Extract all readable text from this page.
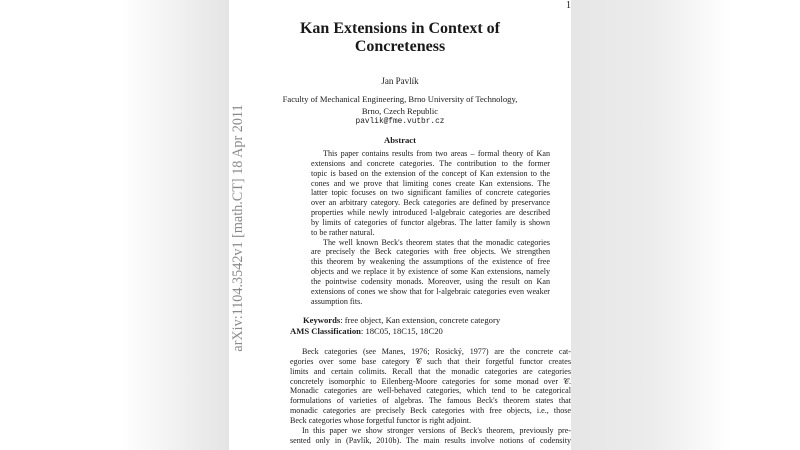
1
Kan Extensions in Context of
Concreteness
Jan Pavlík
Faculty of Mechanical Engineering, Brno University of Technology,
Brno, Czech Republic
pavlik@fme.vutbr.cz
Abstract
This paper contains results from two areas – formal theory of Kan
extensions and concrete categories. The contribution to the former
topic is based on the extension of the concept of Kan extension to the
cones and we prove that limiting cones create Kan extensions. The
latter topic focuses on two significant families of concrete categories
over an arbitrary category. Beck categories are defined by preservance
properties while newly introduced l-algebraic categories are described
by limits of categories of functor algebras. The latter family is shown
to be rather natural.
The well known Beck's theorem states that the monadic categories
are precisely the Beck categories with free objects. We strengthen
this theorem by weakening the assumptions of the existence of free
objects and we replace it by existence of some Kan extensions, namely
the pointwise codensity monads. Moreover, using the result on Kan
extensions of cones we show that for l-algebraic categories even weaker
assumption fits.
Keywords: free object, Kan extension, concrete category
AMS Classification: 18C05, 18C15, 18C20
Beck categories (see Manes, 1976; Rosický, 1977) are the concrete cat-
egories over some base category 𝒞 such that their forgetful functor creates
limits and certain colimits. Recall that the monadic categories are categories
concretely isomorphic to Eilenberg-Moore categories for some monad over 𝒞.
Monadic categories are well-behaved categories, which tend to be categorical
formulations of varieties of algebras. The famous Beck's theorem states that
monadic categories are precisely Beck categories with free objects, i.e., those
Beck categories whose forgetful functor is right adjoint.
In this paper we show stronger versions of Beck's theorem, previously pre-
sented only in (Pavlík, 2010b). The main results involve notions of codensity
arXiv:1104.3542v1 [math.CT] 18 Apr 2011
